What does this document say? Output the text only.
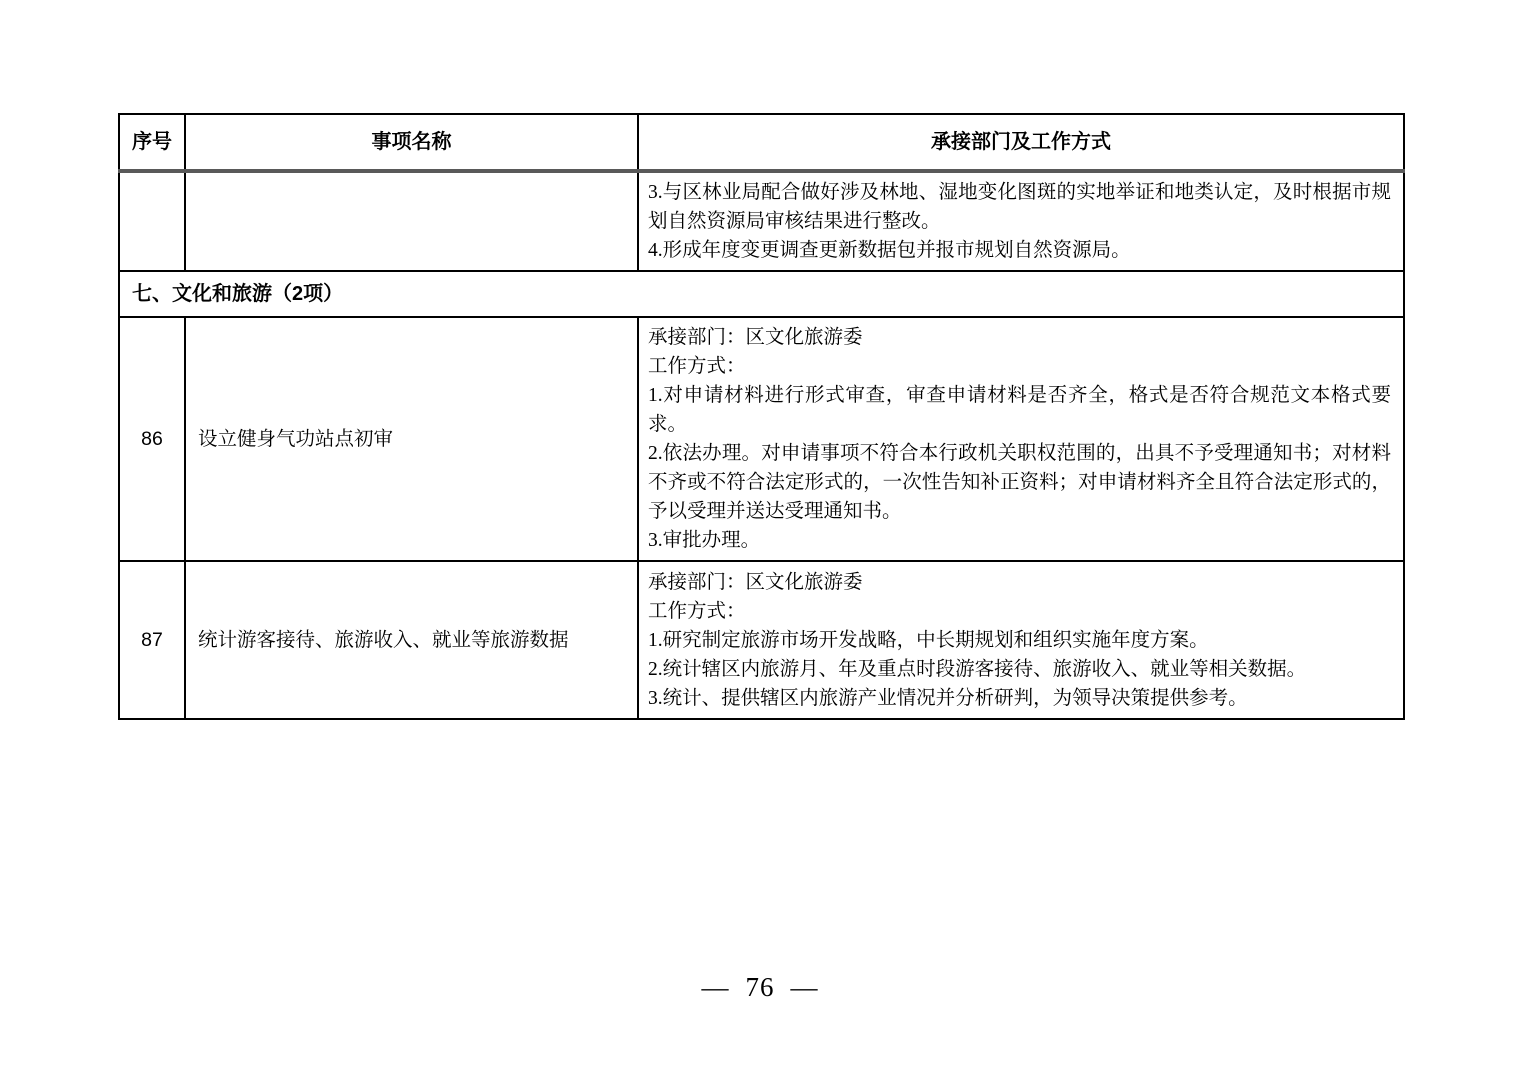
序号	事项名称	承接部门及工作方式

		3.与区林业局配合做好涉及林地、湿地变化图斑的实地举证和地类认定，及时根据市规划自然资源局审核结果进行整改。
4.形成年度变更调查更新数据包并报市规划自然资源局。

七、文化和旅游（2项）		
86	设立健身气功站点初审	承接部门：区文化旅游委
工作方式：
1.对申请材料进行形式审查，审查申请材料是否齐全，格式是否符合规范文本格式要求。
2.依法办理。对申请事项不符合本行政机关职权范围的，出具不予受理通知书；对材料不齐或不符合法定形式的，一次性告知补正资料；对申请材料齐全且符合法定形式的，予以受理并送达受理通知书。
3.审批办理。

87	统计游客接待、旅游收入、就业等旅游数据	承接部门：区文化旅游委
工作方式：
1.研究制定旅游市场开发战略，中长期规划和组织实施年度方案。
2.统计辖区内旅游月、年及重点时段游客接待、旅游收入、就业等相关数据。
3.统计、提供辖区内旅游产业情况并分析研判，为领导决策提供参考。
— 76 —
